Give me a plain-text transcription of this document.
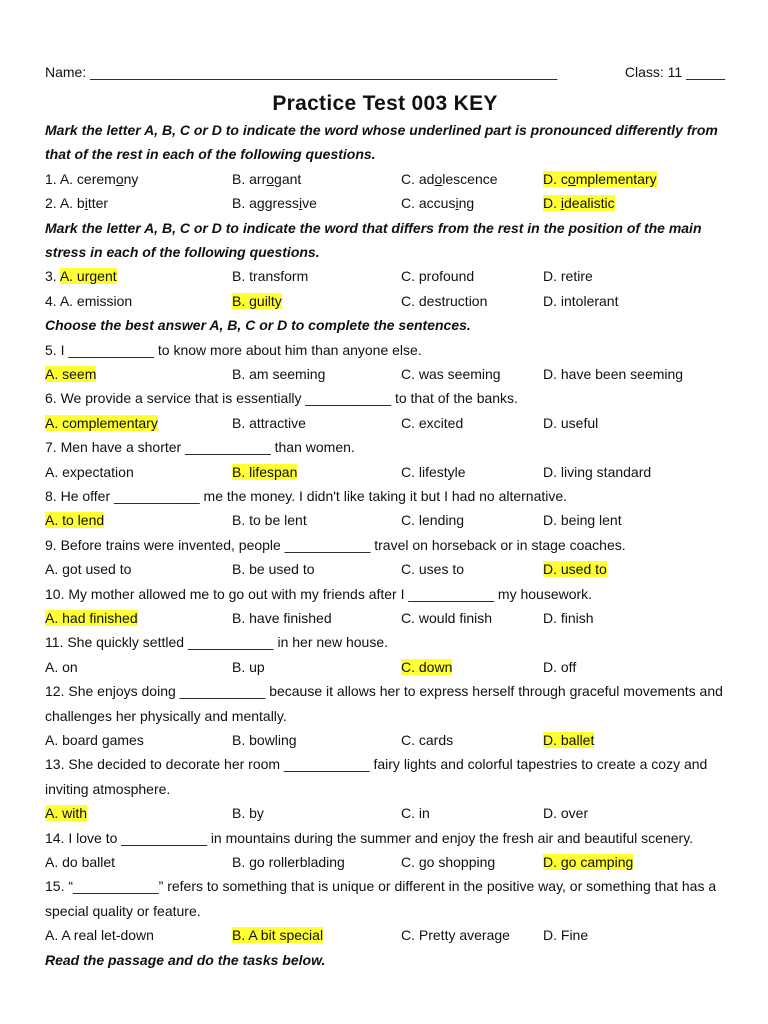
Name: ____________________________________________________________	Class: 11 _____
Practice Test 003 KEY
Mark the letter A, B, C or D to indicate the word whose underlined part is pronounced differently from that of the rest in each of the following questions.
1. A. ceremony	B. arrogant	C. adolescence	D. complementary
2. A. bitter	B. aggressive	C. accusing	D. idealistic
Mark the letter A, B, C or D to indicate the word that differs from the rest in the position of the main stress in each of the following questions.
3. A. urgent	B. transform	C. profound	D. retire
4. A. emission	B. guilty	C. destruction	D. intolerant
Choose the best answer A, B, C or D to complete the sentences.
5. I ___________ to know more about him than anyone else.
A. seem	B. am seeming	C. was seeming	D. have been seeming
6. We provide a service that is essentially ___________ to that of the banks.
A. complementary	B. attractive	C. excited	D. useful
7. Men have a shorter ___________ than women.
A. expectation	B. lifespan	C. lifestyle	D. living standard
8. He offer ___________ me the money. I didn't like taking it but I had no alternative.
A. to lend	B. to be lent	C. lending	D. being lent
9. Before trains were invented, people ___________ travel on horseback or in stage coaches.
A. got used to	B. be used to	C. uses to	D. used to
10. My mother allowed me to go out with my friends after I ___________ my housework.
A. had finished	B. have finished	C. would finish	D. finish
11. She quickly settled ___________ in her new house.
A. on	B. up	C. down	D. off
12. She enjoys doing ___________ because it allows her to express herself through graceful movements and challenges her physically and mentally.
A. board games	B. bowling	C. cards	D. ballet
13. She decided to decorate her room ___________ fairy lights and colorful tapestries to create a cozy and inviting atmosphere.
A. with	B. by	C. in	D. over
14. I love to ___________ in mountains during the summer and enjoy the fresh air and beautiful scenery.
A. do ballet	B. go rollerblading	C. go shopping	D. go camping
15. “___________” refers to something that is unique or different in the positive way, or something that has a special quality or feature.
A. A real let-down	B. A bit special	C. Pretty average	D. Fine
Read the passage and do the tasks below.
